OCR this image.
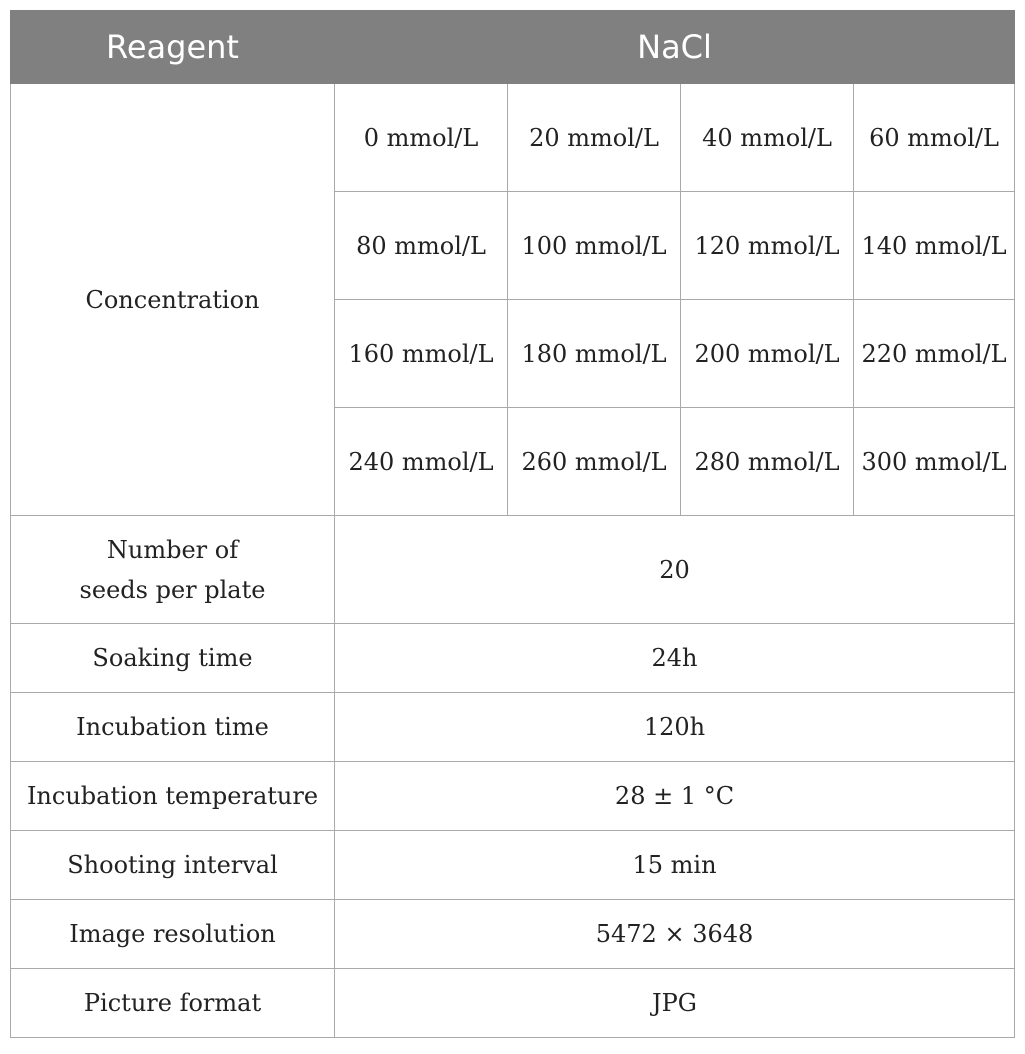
Reagent	NaCl			
Concentration	0 mmol/L	20 mmol/L	40 mmol/L	60 mmol/L
	80 mmol/L	100 mmol/L	120 mmol/L	140 mmol/L
	160 mmol/L	180 mmol/L	200 mmol/L	220 mmol/L
	240 mmol/L	260 mmol/L	280 mmol/L	300 mmol/L
Number of seeds per plate	20			
Soaking time	24h			
Incubation time	120h			
Incubation temperature	28 ± 1 °C			
Shooting interval	15 min			
Image resolution	5472 × 3648			
Picture format	JPG			
